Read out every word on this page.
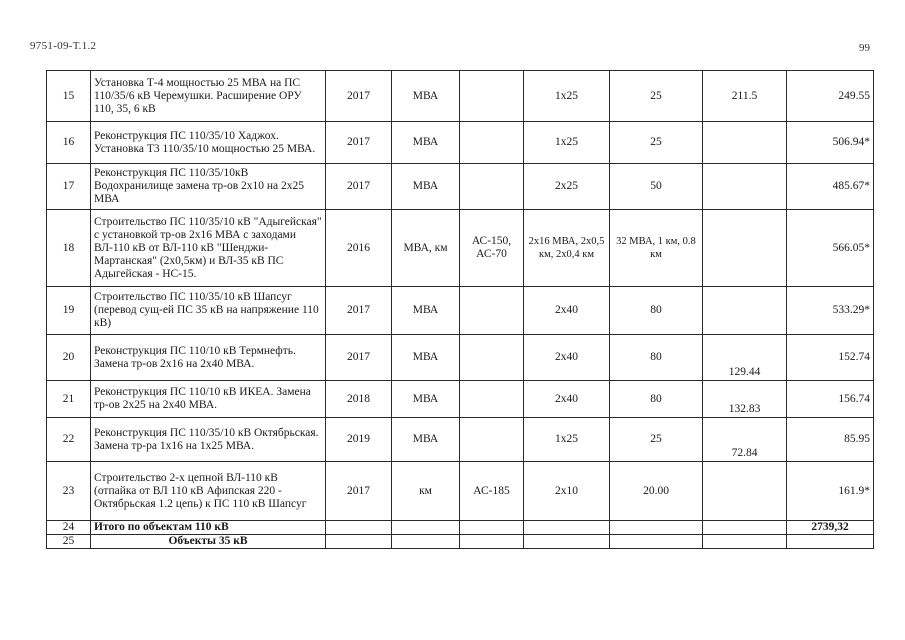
9751-09-Т.1.2	99
15	Установка Т-4 мощностью 25 МВА на ПС 110/35/6 кВ Черемушки. Расширение ОРУ 110, 35, 6 кВ	2017	МВА		1х25	25	211.5	249.55
16	Реконструкция ПС 110/35/10 Хаджох. Установка Т3 110/35/10 мощностью 25 МВА.	2017	МВА		1х25	25		506.94*
17	Реконструкция ПС 110/35/10кВ Водохранилище замена тр-ов 2х10 на 2х25 МВА	2017	МВА		2х25	50		485.67*
18	Строительство ПС 110/35/10 кВ "Адыгейская" с установкой тр-ов 2х16 МВА с заходами ВЛ-110 кВ от ВЛ-110 кВ "Шенджи-Мартанская" (2х0,5км) и ВЛ-35 кВ ПС Адыгейская - НС-15.	2016	МВА, км	АС-150, АС-70	2х16 МВА, 2х0,5 км, 2х0,4 км	32 МВА, 1 км, 0.8 км		566.05*
19	Строительство ПС 110/35/10 кВ Шапсуг (перевод сущ-ей ПС 35 кВ на напряжение 110 кВ)	2017	МВА		2х40	80		533.29*
20	Реконструкция ПС 110/10 кВ Термнефть. Замена тр-ов 2х16 на 2х40 МВА.	2017	МВА		2х40	80	129.44	152.74
21	Реконструкция ПС 110/10 кВ ИКЕА. Замена тр-ов 2х25 на 2х40 МВА.	2018	МВА		2х40	80	132.83	156.74
22	Реконструкция ПС 110/35/10 кВ Октябрьская. Замена тр-ра 1х16 на 1х25 МВА.	2019	МВА		1х25	25	72.84	85.95
23	Строительство 2-х цепной ВЛ-110 кВ (отпайка от ВЛ 110 кВ Афипская 220 - Октябрьская 1.2 цепь) к ПС 110 кВ Шапсуг	2017	км	АС-185	2х10	20.00		161.9*
24	Итого по объектам 110 кВ							2739,32
25	Объекты 35 кВ							
